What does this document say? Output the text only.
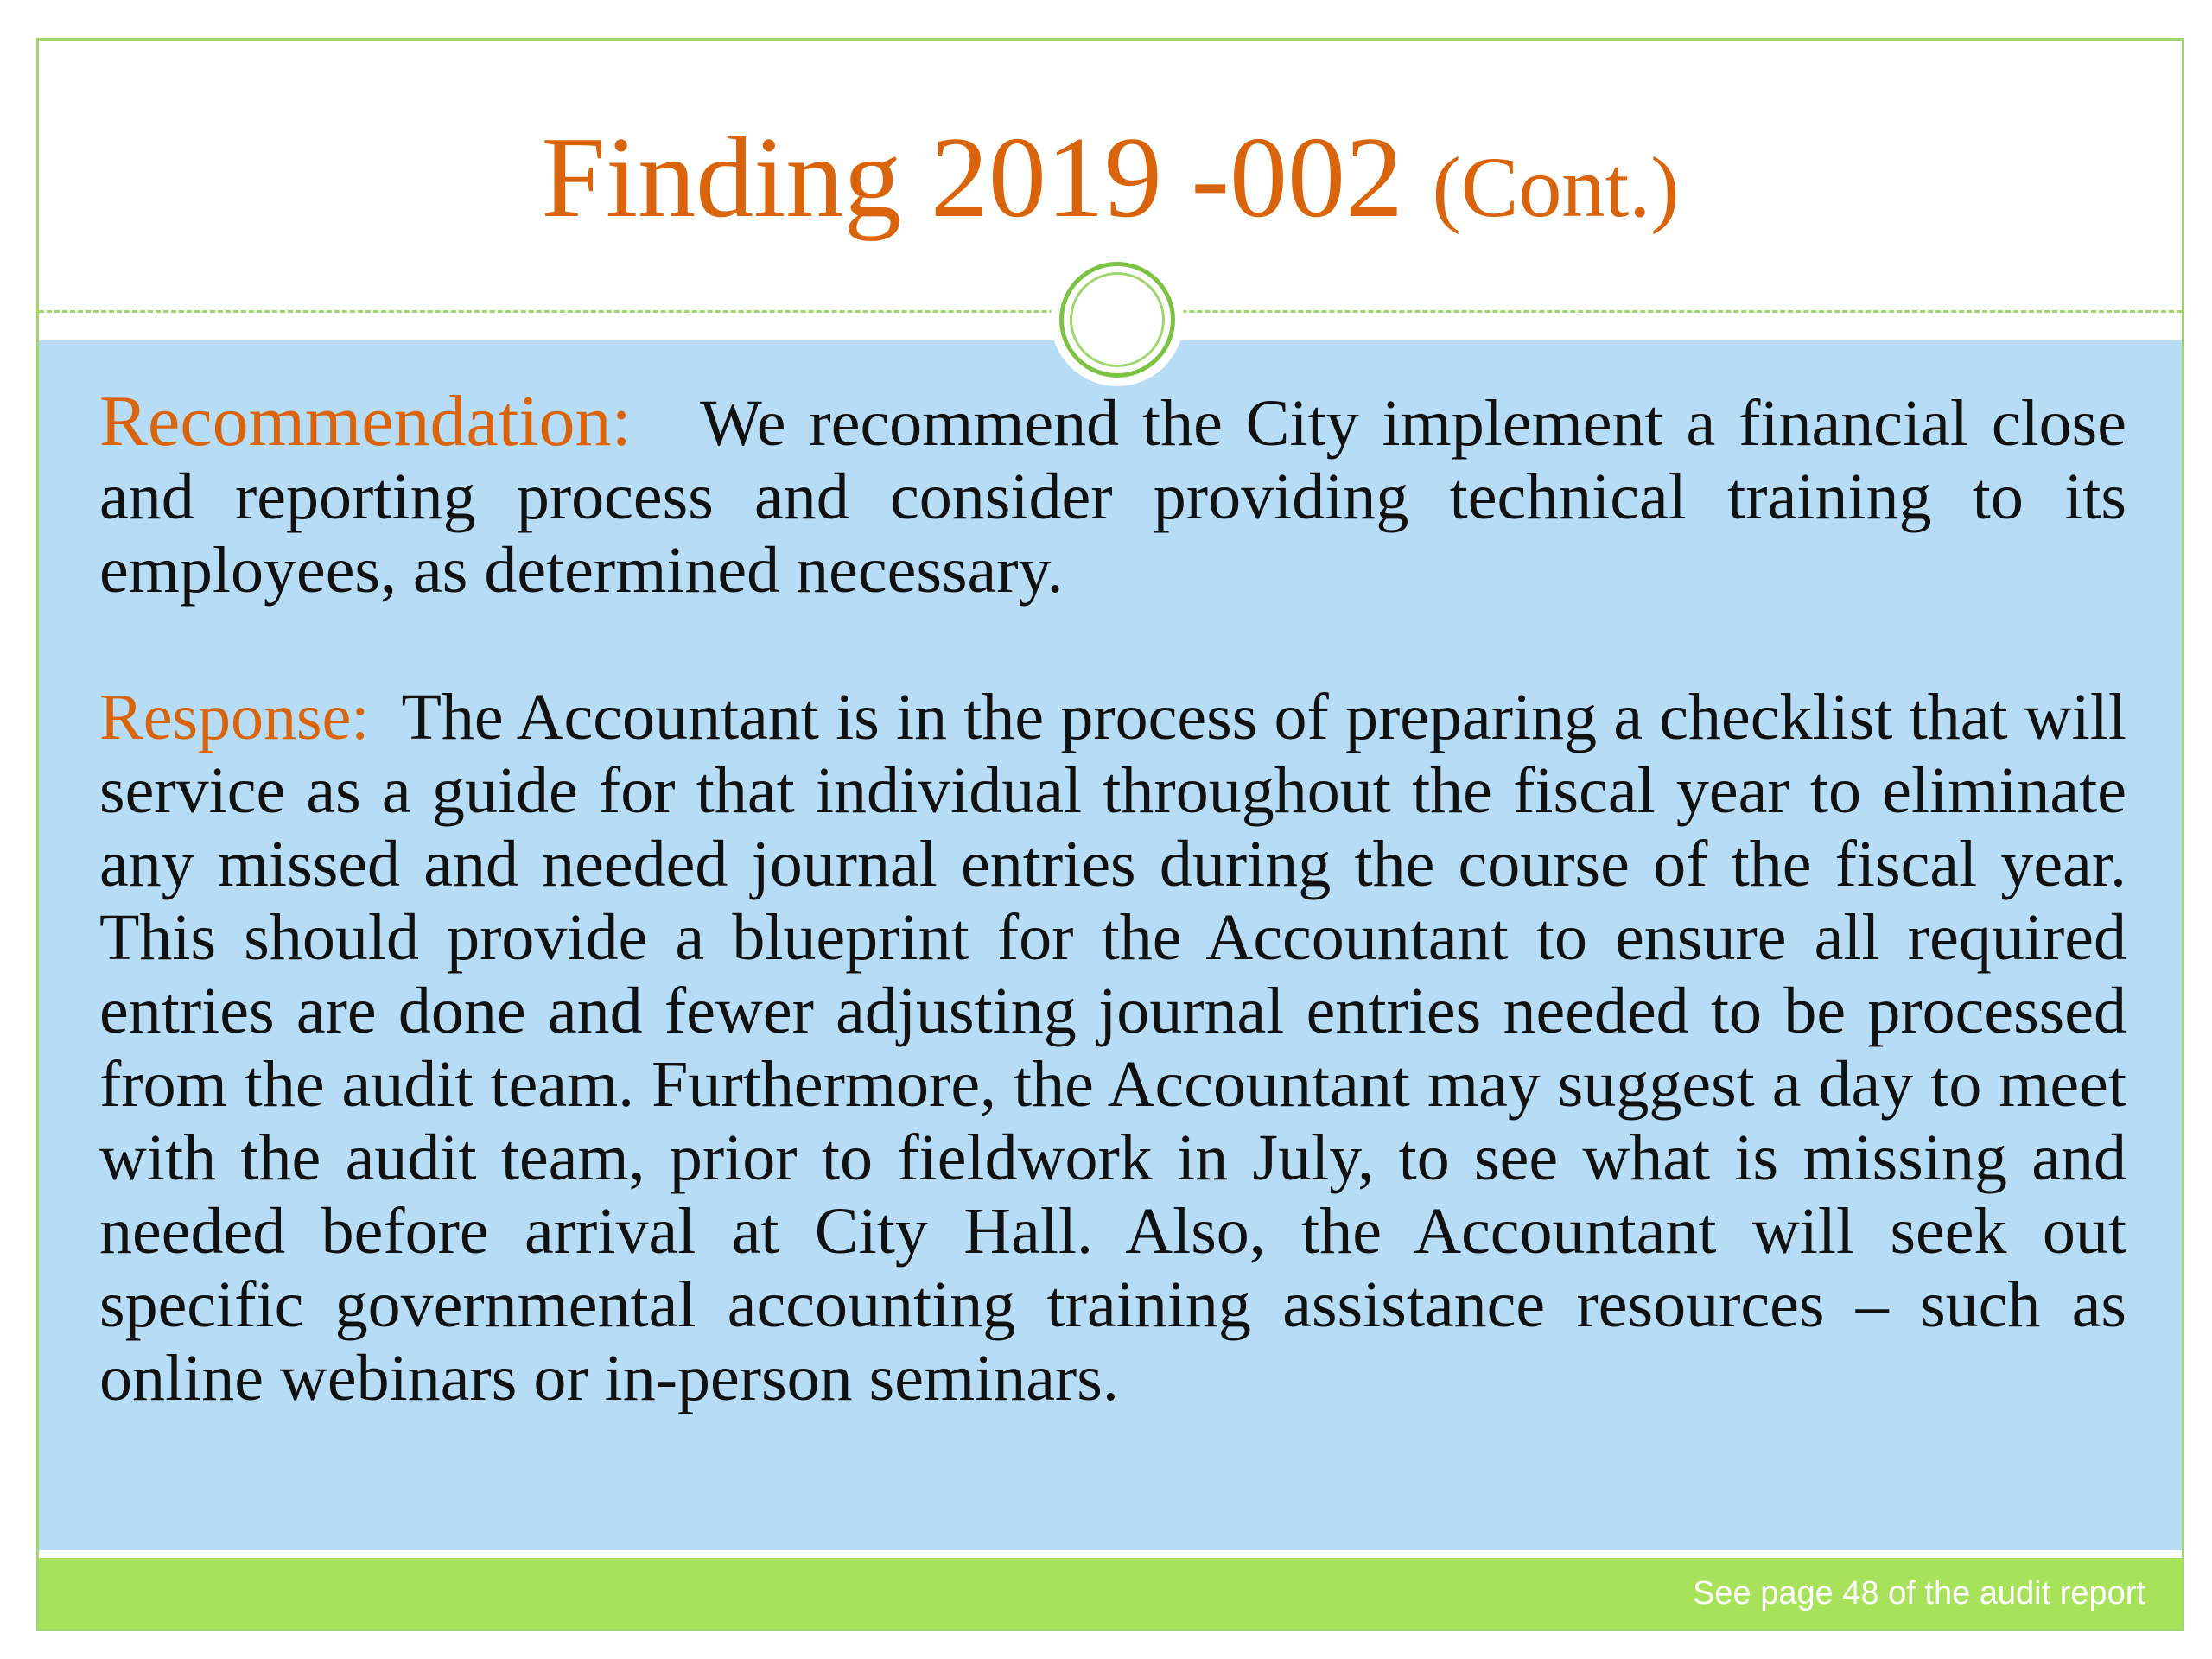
Finding 2019 -002 (Cont.)

Recommendation: We recommend the City implement a financial close and reporting process and consider providing technical training to its employees, as determined necessary.

Response: The Accountant is in the process of preparing a checklist that will service as a guide for that individual throughout the fiscal year to eliminate any missed and needed journal entries during the course of the fiscal year. This should provide a blueprint for the Accountant to ensure all required entries are done and fewer adjusting journal entries needed to be processed from the audit team. Furthermore, the Accountant may suggest a day to meet with the audit team, prior to fieldwork in July, to see what is missing and needed before arrival at City Hall. Also, the Accountant will seek out specific governmental accounting training assistance resources – such as online webinars or in-person seminars.

See page 48 of the audit report
